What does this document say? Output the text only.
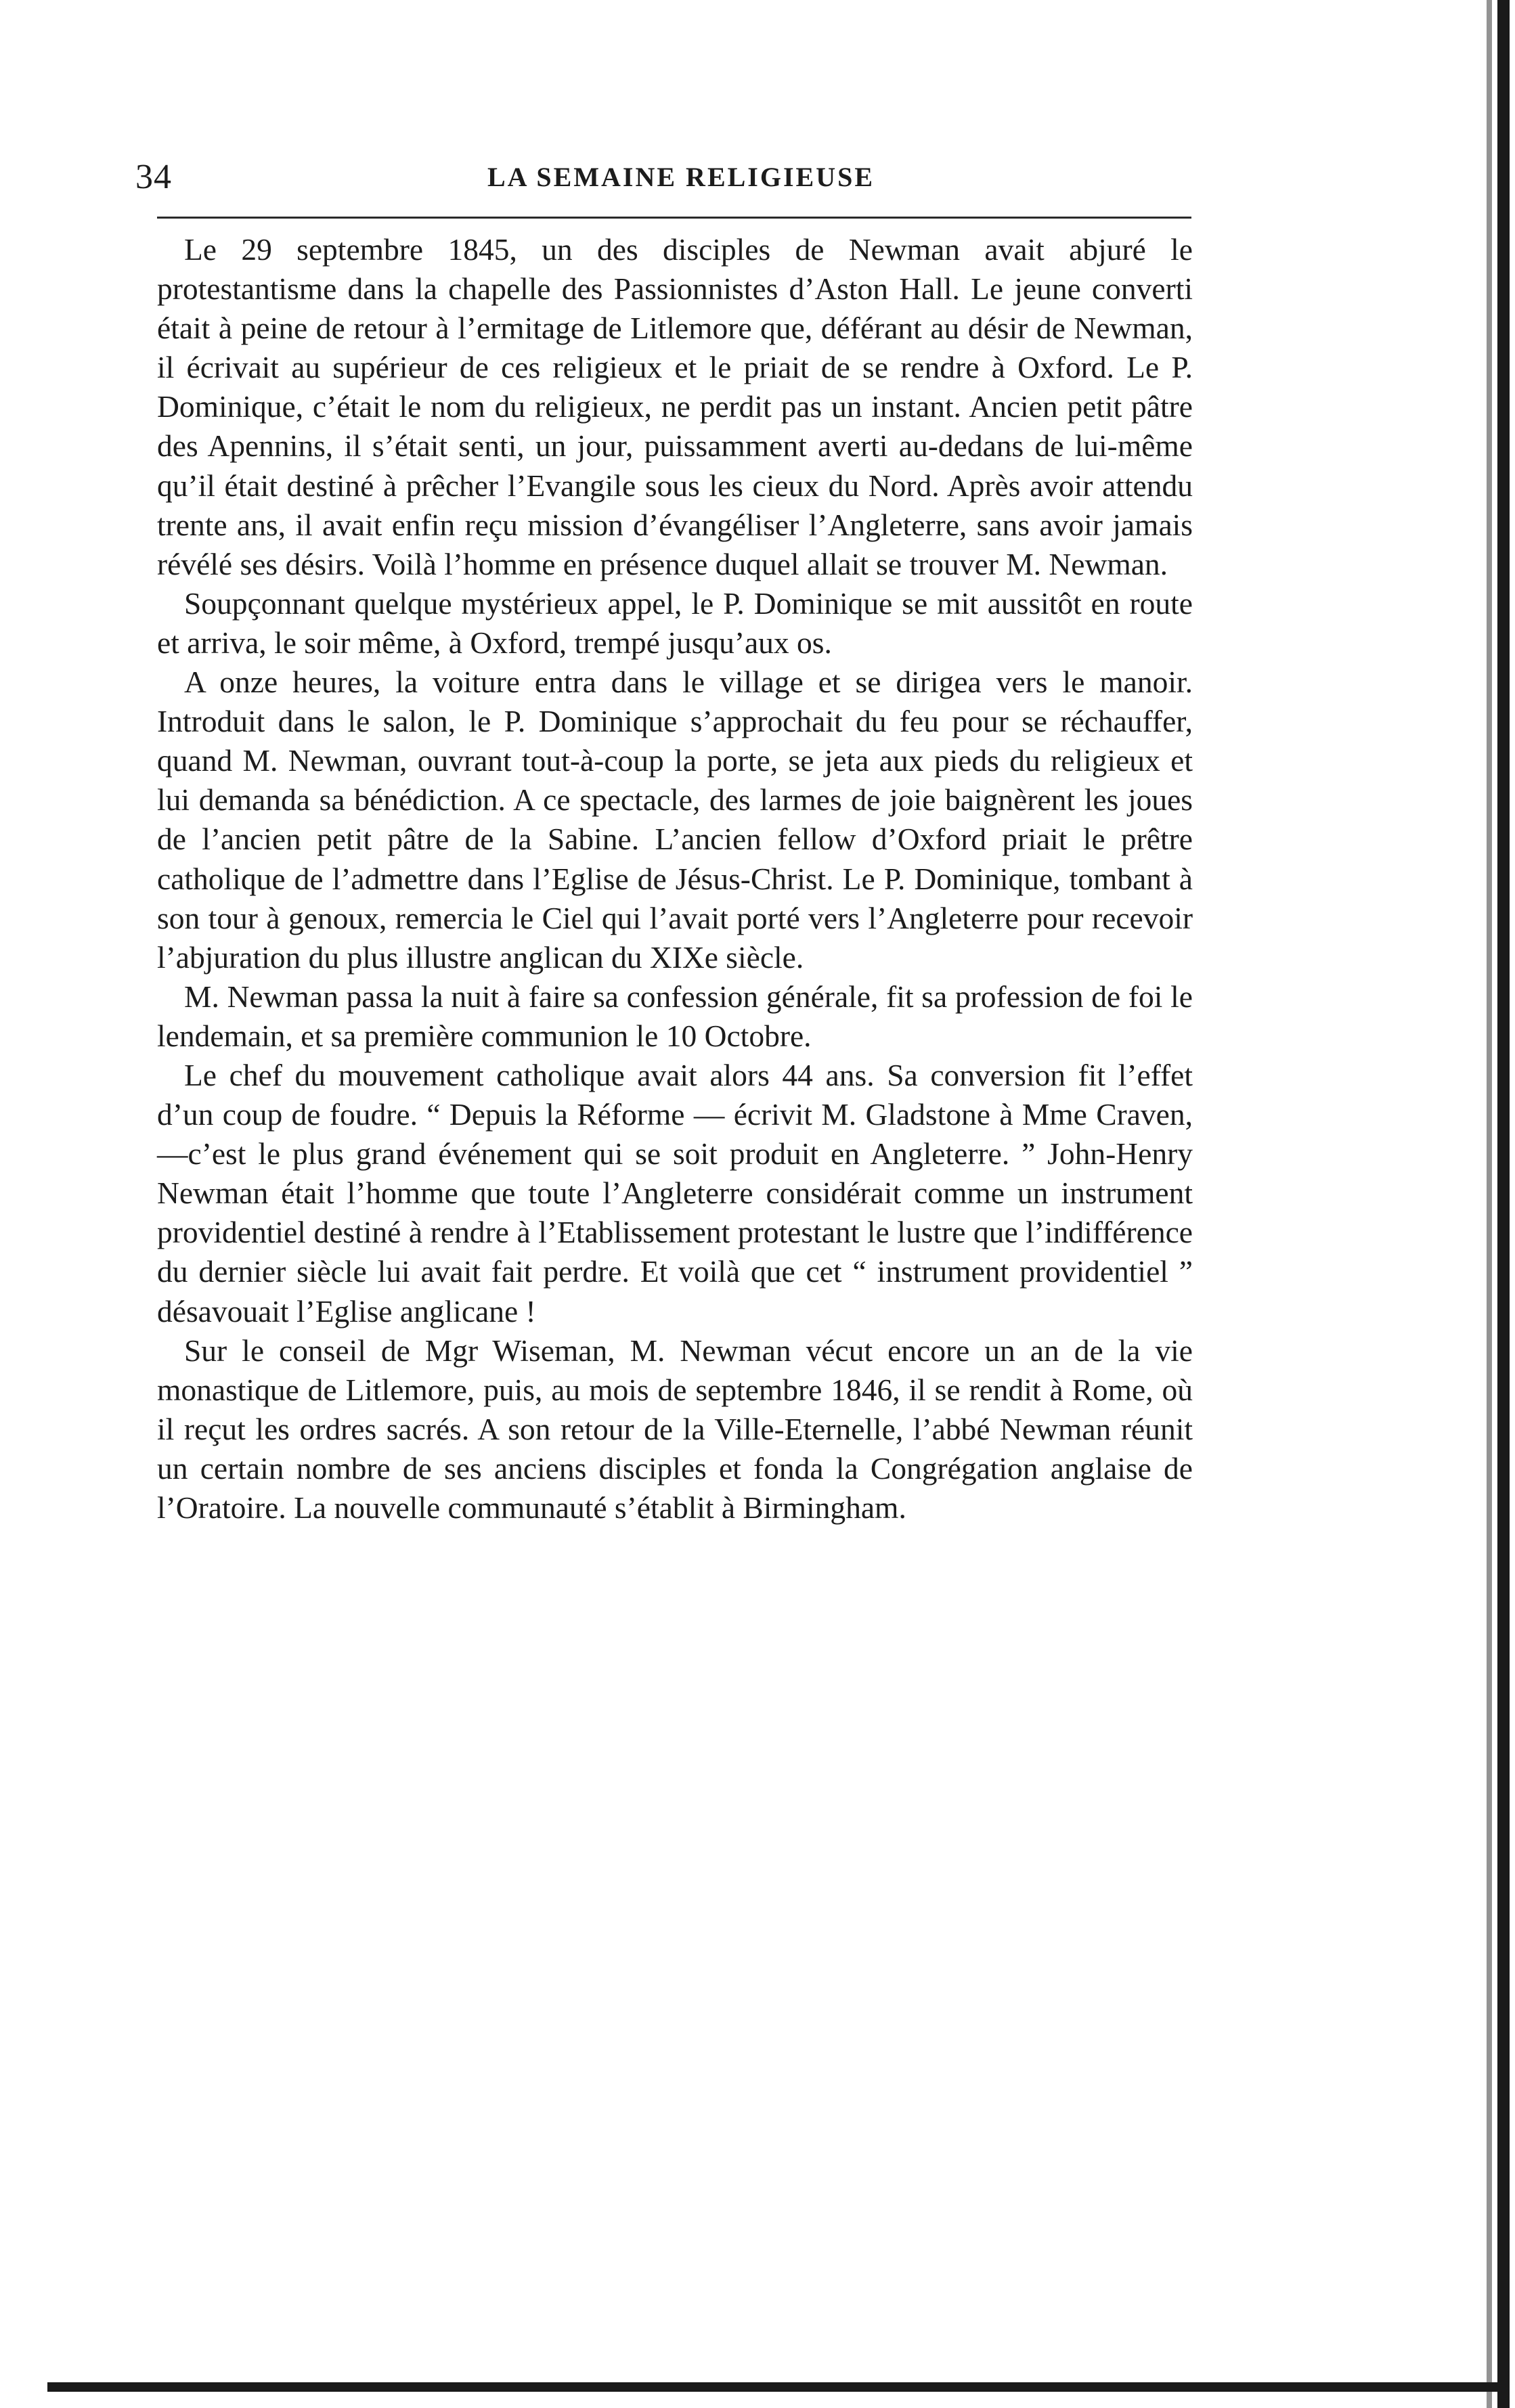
34	LA SEMAINE RELIGIEUSE

Le 29 septembre 1845, un des disciples de Newman avait abjuré le protestantisme dans la chapelle des Passionnistes d’Aston Hall. Le jeune converti était à peine de retour à l’ermitage de Litlemore que, déférant au désir de Newman, il écrivait au supérieur de ces religieux et le priait de se rendre à Oxford. Le P. Dominique, c’était le nom du religieux, ne perdit pas un instant. Ancien petit pâtre des Apennins, il s’était senti, un jour, puissamment averti au-dedans de lui-même qu’il était destiné à prêcher l’Evangile sous les cieux du Nord. Après avoir attendu trente ans, il avait enfin reçu mission d’évangéliser l’Angleterre, sans avoir jamais révélé ses désirs. Voilà l’homme en présence duquel allait se trouver M. Newman.

Soupçonnant quelque mystérieux appel, le P. Dominique se mit aussitôt en route et arriva, le soir même, à Oxford, trempé jusqu’aux os.

A onze heures, la voiture entra dans le village et se dirigea vers le manoir. Introduit dans le salon, le P. Dominique s’approchait du feu pour se réchauffer, quand M. Newman, ouvrant tout-à-coup la porte, se jeta aux pieds du religieux et lui demanda sa bénédiction. A ce spectacle, des larmes de joie baignèrent les joues de l’ancien petit pâtre de la Sabine. L’ancien fellow d’Oxford priait le prêtre catholique de l’admettre dans l’Eglise de Jésus-Christ. Le P. Dominique, tombant à son tour à genoux, remercia le Ciel qui l’avait porté vers l’Angleterre pour recevoir l’abjuration du plus illustre anglican du XIXe siècle.

M. Newman passa la nuit à faire sa confession générale, fit sa profession de foi le lendemain, et sa première communion le 10 Octobre.

Le chef du mouvement catholique avait alors 44 ans. Sa conversion fit l’effet d’un coup de foudre. “ Depuis la Réforme — écrivit M. Gladstone à Mme Craven,—c’est le plus grand événement qui se soit produit en Angleterre. ” John-Henry Newman était l’homme que toute l’Angleterre considérait comme un instrument providentiel destiné à rendre à l’Etablissement protestant le lustre que l’indifférence du dernier siècle lui avait fait perdre. Et voilà que cet “ instrument providentiel ” désavouait l’Eglise anglicane !

Sur le conseil de Mgr Wiseman, M. Newman vécut encore un an de la vie monastique de Litlemore, puis, au mois de septembre 1846, il se rendit à Rome, où il reçut les ordres sacrés. A son retour de la Ville-Eternelle, l’abbé Newman réunit un certain nombre de ses anciens disciples et fonda la Congrégation anglaise de l’Oratoire. La nouvelle communauté s’établit à Birmingham.
